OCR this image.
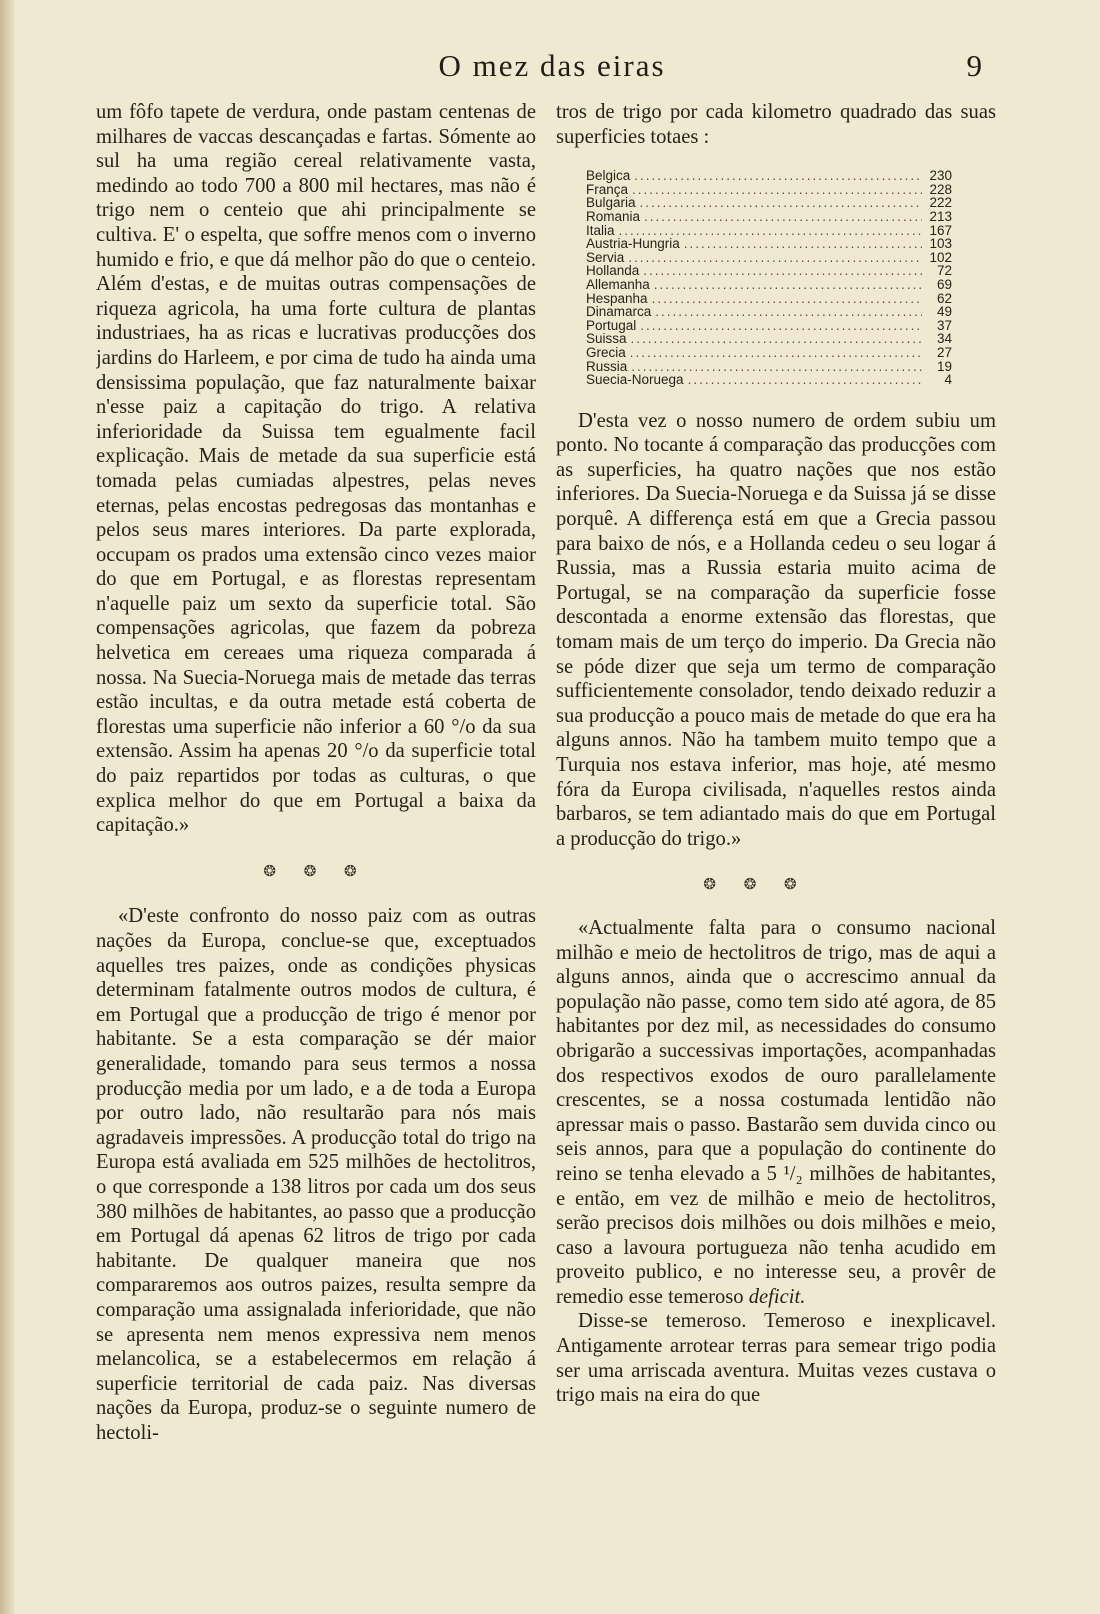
O mez das eiras	9

um fôfo tapete de verdura, onde pastam centenas de milhares de vaccas descançadas e fartas. Sómente ao sul ha uma região cereal relativamente vasta, medindo ao todo 700 a 800 mil hectares, mas não é trigo nem o centeio que ahi principalmente se cultiva. E' o espelta, que soffre menos com o inverno humido e frio, e que dá melhor pão do que o centeio. Além d'estas, e de muitas outras compensações de riqueza agricola, ha uma forte cultura de plantas industriaes, ha as ricas e lucrativas producções dos jardins do Harleem, e por cima de tudo ha ainda uma densissima população, que faz naturalmente baixar n'esse paiz a capitação do trigo. A relativa inferioridade da Suissa tem egualmente facil explicação. Mais de metade da sua superficie está tomada pelas cumiadas alpestres, pelas neves eternas, pelas encostas pedregosas das montanhas e pelos seus mares interiores. Da parte explorada, occupam os prados uma extensão cinco vezes maior do que em Portugal, e as florestas representam n'aquelle paiz um sexto da superficie total. São compensações agricolas, que fazem da pobreza helvetica em cereaes uma riqueza comparada á nossa. Na Suecia-Noruega mais de metade das terras estão incultas, e da outra metade está coberta de florestas uma superficie não inferior a 60 °/o da sua extensão. Assim ha apenas 20 °/o da superficie total do paiz repartidos por todas as culturas, o que explica melhor do que em Portugal a baixa da capitação.»

❂ ❂ ❂

«D'este confronto do nosso paiz com as outras nações da Europa, conclue-se que, exceptuados aquelles tres paizes, onde as condições physicas determinam fatalmente outros modos de cultura, é em Portugal que a producção de trigo é menor por habitante. Se a esta comparação se dér maior generalidade, tomando para seus termos a nossa producção media por um lado, e a de toda a Europa por outro lado, não resultarão para nós mais agradaveis impressões. A producção total do trigo na Europa está avaliada em 525 milhões de hectolitros, o que corresponde a 138 litros por cada um dos seus 380 milhões de habitantes, ao passo que a producção em Portugal dá apenas 62 litros de trigo por cada habitante. De qualquer maneira que nos compararemos aos outros paizes, resulta sempre da comparação uma assignalada inferioridade, que não se apresenta nem menos expressiva nem menos melancolica, se a estabelecermos em relação á superficie territorial de cada paiz. Nas diversas nações da Europa, produz-se o seguinte numero de hectoli-

tros de trigo por cada kilometro quadrado das suas superficies totaes :

Belgica .....	230
França .....	228
Bulgaria .....	222
Romania .....	213
Italia .....	167
Austria-Hungria .....	103
Servia .....	102
Hollanda .....	72
Allemanha .....	69
Hespanha .....	62
Dinamarca .....	49
Portugal .....	37
Suissa .....	34
Grecia .....	27
Russia .....	19
Suecia-Noruega .....	4

D'esta vez o nosso numero de ordem subiu um ponto. No tocante á comparação das producções com as superficies, ha quatro nações que nos estão inferiores. Da Suecia-Noruega e da Suissa já se disse porquê. A differença está em que a Grecia passou para baixo de nós, e a Hollanda cedeu o seu logar á Russia, mas a Russia estaria muito acima de Portugal, se na comparação da superficie fosse descontada a enorme extensão das florestas, que tomam mais de um terço do imperio. Da Grecia não se póde dizer que seja um termo de comparação sufficientemente consolador, tendo deixado reduzir a sua producção a pouco mais de metade do que era ha alguns annos. Não ha tambem muito tempo que a Turquia nos estava inferior, mas hoje, até mesmo fóra da Europa civilisada, n'aquelles restos ainda barbaros, se tem adiantado mais do que em Portugal a producção do trigo.»

❂ ❂ ❂

«Actualmente falta para o consumo nacional milhão e meio de hectolitros de trigo, mas de aqui a alguns annos, ainda que o accrescimo annual da população não passe, como tem sido até agora, de 85 habitantes por dez mil, as necessidades do consumo obrigarão a successivas importações, acompanhadas dos respectivos exodos de ouro parallelamente crescentes, se a nossa costumada lentidão não apressar mais o passo. Bastarão sem duvida cinco ou seis annos, para que a população do continente do reino se tenha elevado a 5 ¹/₂ milhões de habitantes, e então, em vez de milhão e meio de hectolitros, serão precisos dois milhões ou dois milhões e meio, caso a lavoura portugueza não tenha acudido em proveito publico, e no interesse seu, a provêr de remedio esse temeroso deficit.

Disse-se temeroso. Temeroso e inexplicavel. Antigamente arrotear terras para semear trigo podia ser uma arriscada aventura. Muitas vezes custava o trigo mais na eira do que
